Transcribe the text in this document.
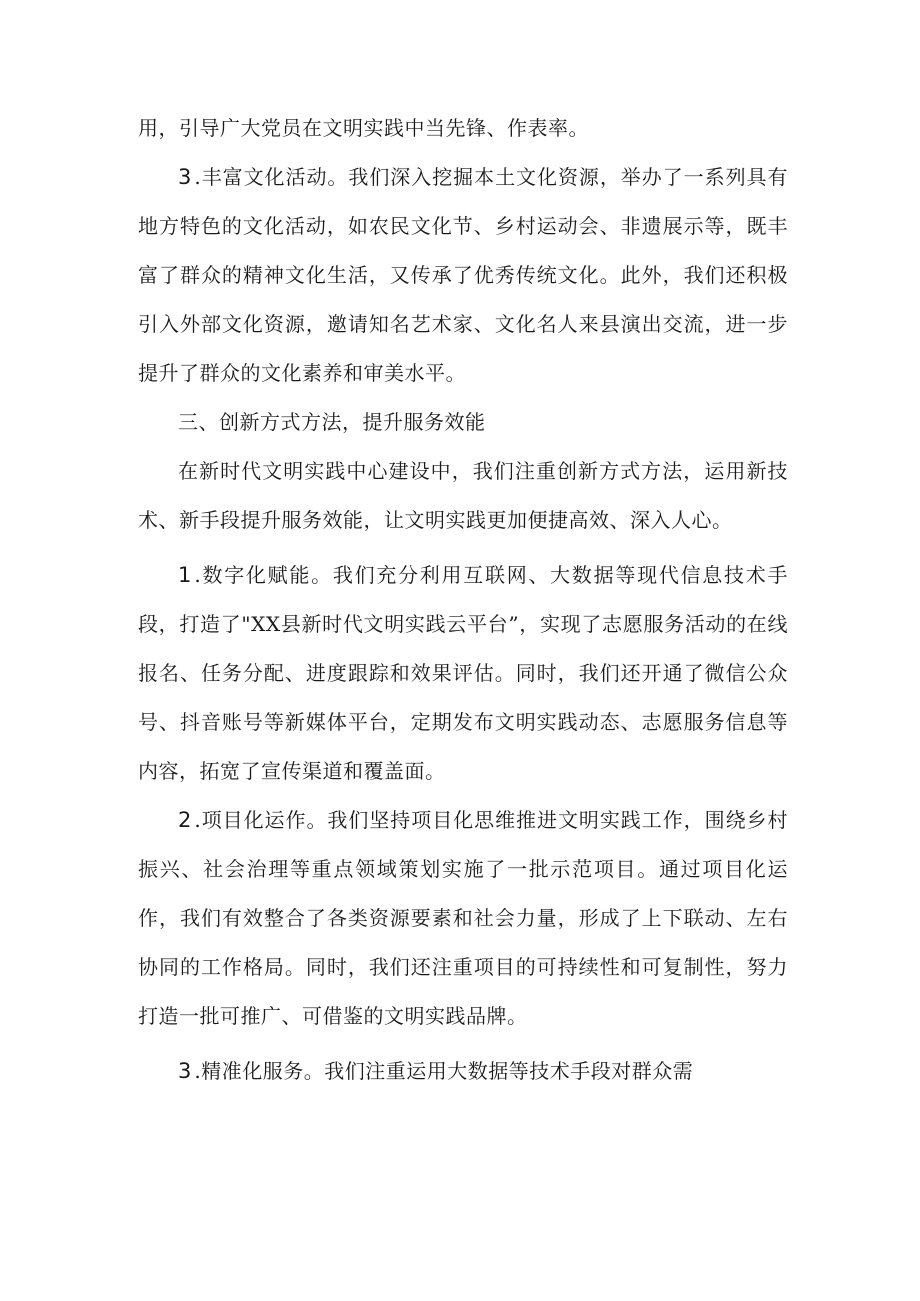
用，引导广大党员在文明实践中当先锋、作表率。

3.丰富文化活动。我们深入挖掘本土文化资源，举办了一系列具有地方特色的文化活动，如农民文化节、乡村运动会、非遗展示等，既丰富了群众的精神文化生活，又传承了优秀传统文化。此外，我们还积极引入外部文化资源，邀请知名艺术家、文化名人来县演出交流，进一步提升了群众的文化素养和审美水平。

三、创新方式方法，提升服务效能

在新时代文明实践中心建设中，我们注重创新方式方法，运用新技术、新手段提升服务效能，让文明实践更加便捷高效、深入人心。

1.数字化赋能。我们充分利用互联网、大数据等现代信息技术手段，打造了"XX县新时代文明实践云平台”，实现了志愿服务活动的在线报名、任务分配、进度跟踪和效果评估。同时，我们还开通了微信公众号、抖音账号等新媒体平台，定期发布文明实践动态、志愿服务信息等内容，拓宽了宣传渠道和覆盖面。

2.项目化运作。我们坚持项目化思维推进文明实践工作，围绕乡村振兴、社会治理等重点领域策划实施了一批示范项目。通过项目化运作，我们有效整合了各类资源要素和社会力量，形成了上下联动、左右协同的工作格局。同时，我们还注重项目的可持续性和可复制性，努力打造一批可推广、可借鉴的文明实践品牌。

3.精准化服务。我们注重运用大数据等技术手段对群众需
